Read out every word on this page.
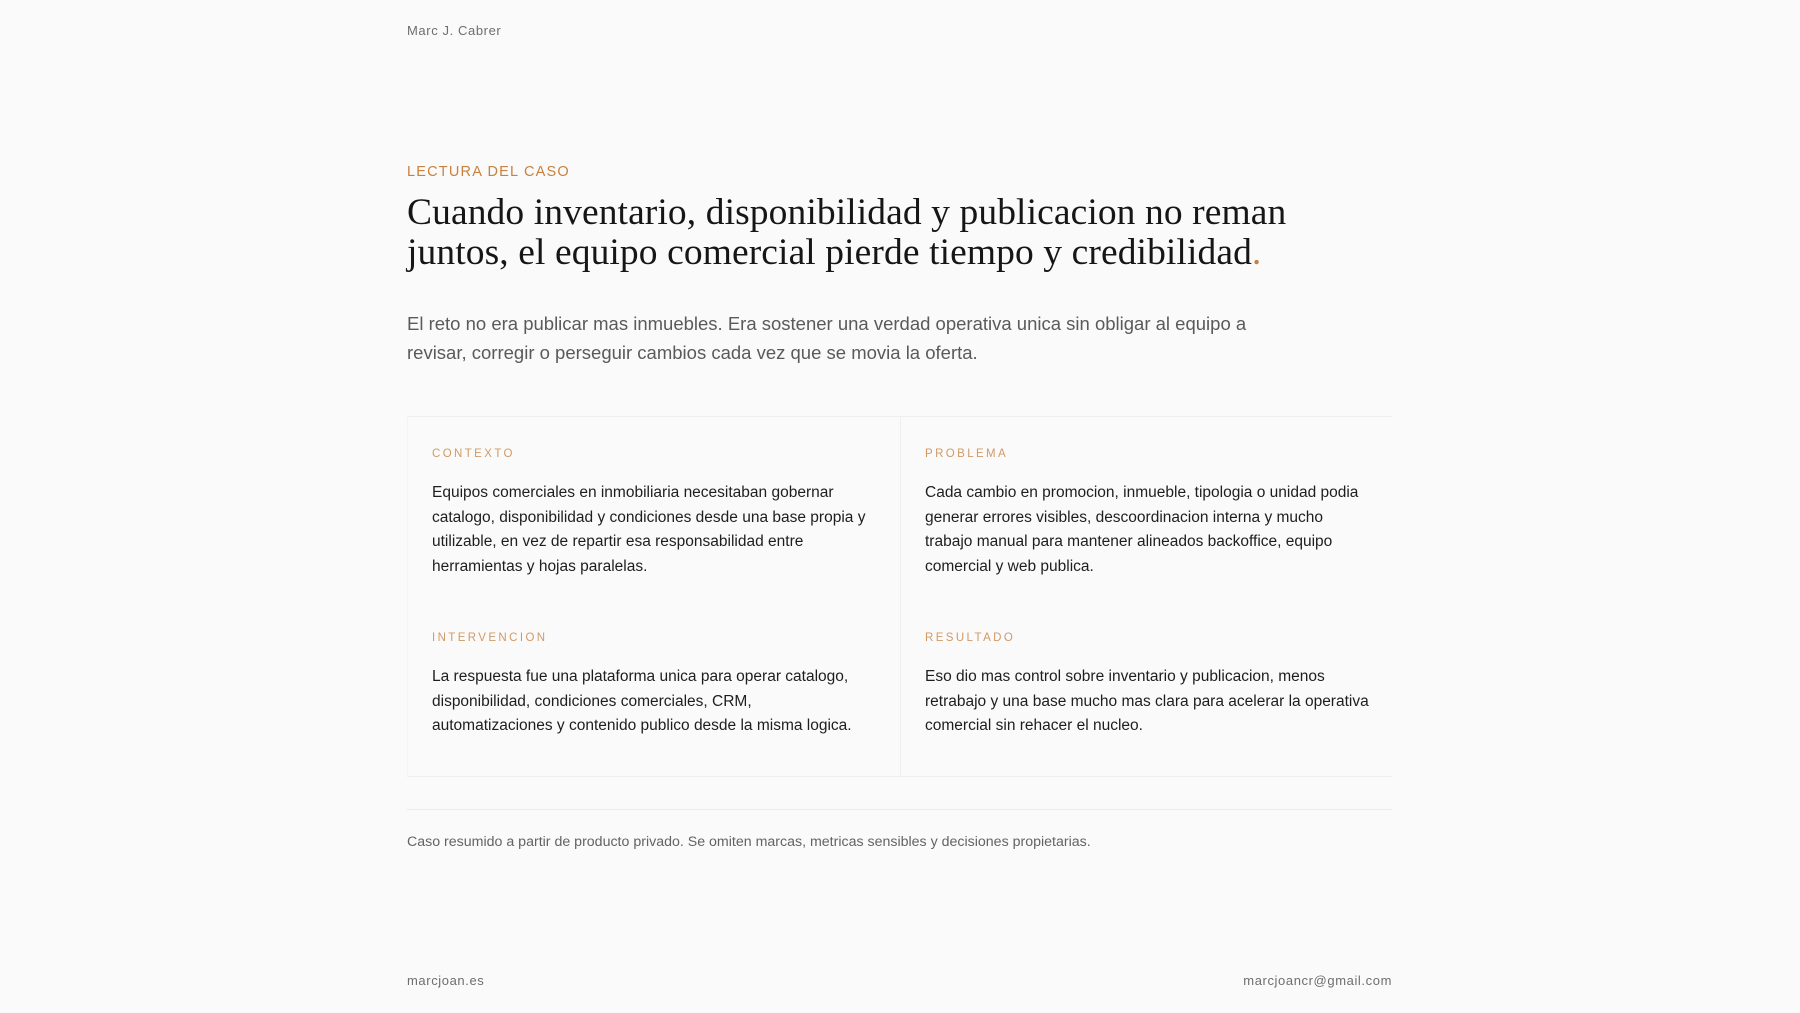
Marc J. Cabrer
LECTURA DEL CASO
Cuando inventario, disponibilidad y publicacion no reman juntos, el equipo comercial pierde tiempo y credibilidad.

El reto no era publicar mas inmuebles. Era sostener una verdad operativa unica sin obligar al equipo a revisar, corregir o perseguir cambios cada vez que se movia la oferta.

CONTEXTO
Equipos comerciales en inmobiliaria necesitaban gobernar catalogo, disponibilidad y condiciones desde una base propia y utilizable, en vez de repartir esa responsabilidad entre herramientas y hojas paralelas.
PROBLEMA
Cada cambio en promocion, inmueble, tipologia o unidad podia generar errores visibles, descoordinacion interna y mucho trabajo manual para mantener alineados backoffice, equipo comercial y web publica.
INTERVENCION
La respuesta fue una plataforma unica para operar catalogo, disponibilidad, condiciones comerciales, CRM, automatizaciones y contenido publico desde la misma logica.
RESULTADO
Eso dio mas control sobre inventario y publicacion, menos retrabajo y una base mucho mas clara para acelerar la operativa comercial sin rehacer el nucleo.

Caso resumido a partir de producto privado. Se omiten marcas, metricas sensibles y decisiones propietarias.

marcjoan.es	marcjoancr@gmail.com
